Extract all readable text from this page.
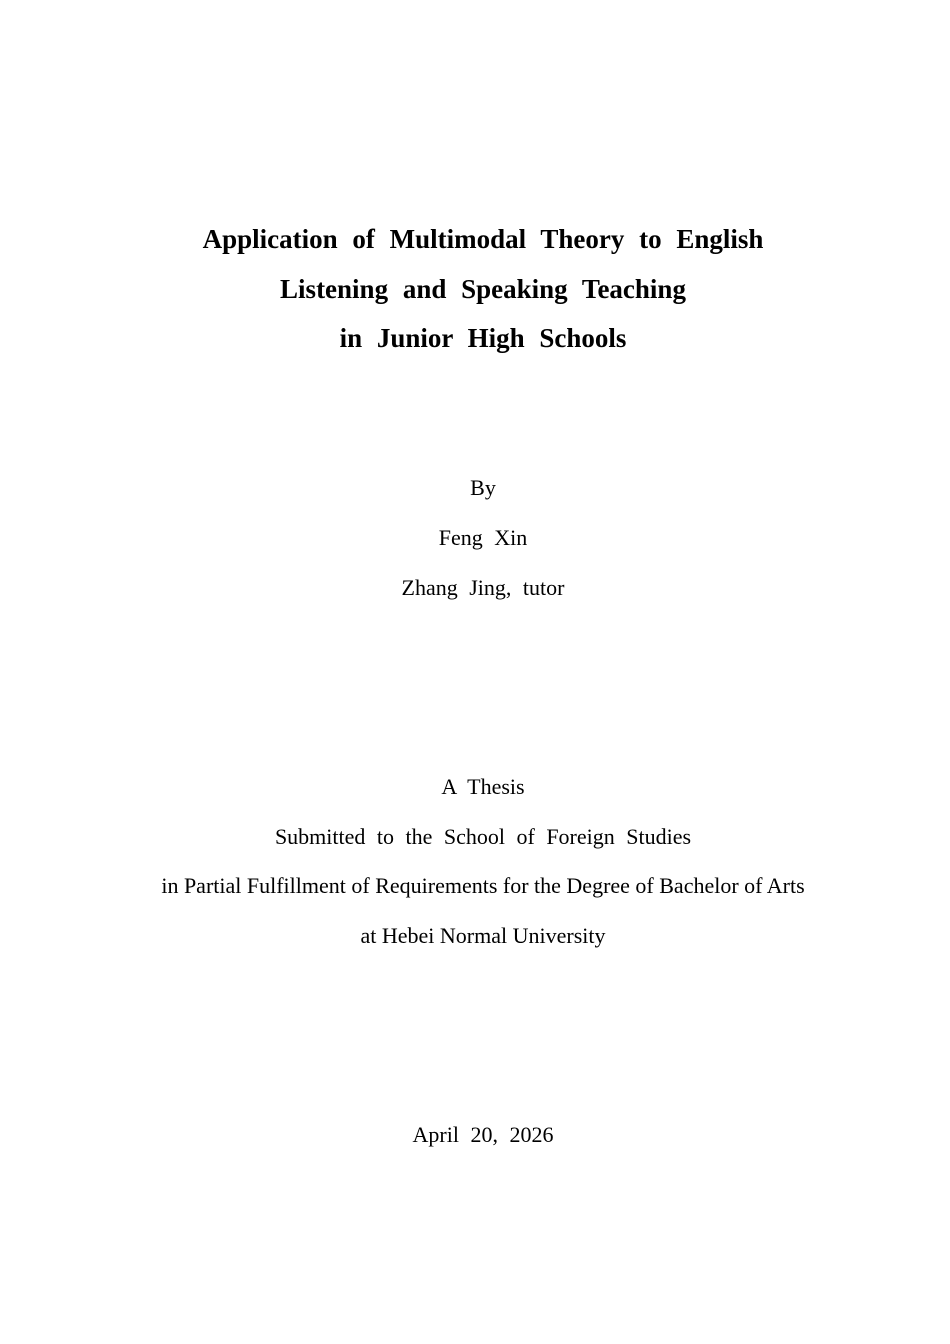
Application of Multimodal Theory to English
Listening and Speaking Teaching
in Junior High Schools
By
Feng Xin
Zhang Jing, tutor
A Thesis
Submitted to the School of Foreign Studies
in Partial Fulfillment of Requirements for the Degree of Bachelor of Arts
at Hebei Normal University
April 20, 2026
